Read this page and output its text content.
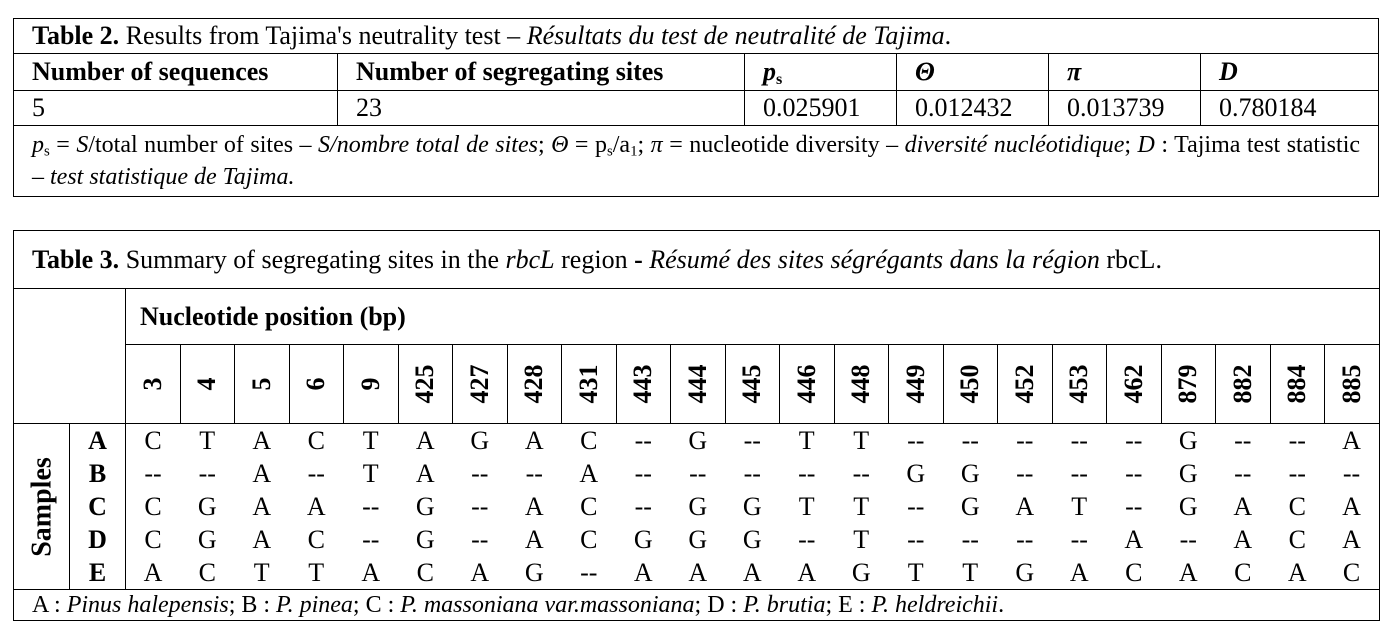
Table 2. Results from Tajima's neutrality test – Résultats du test de neutralité de Tajima.					
Number of sequences	Number of segregating sites	$p_s$	Θ	π	D
5	23	0.025901	0.012432	0.013739	0.780184
$p_s$ = S/total number of sites – S/nombre total de sites; $\Theta = p_s/a_1$; π = nucleotide diversity – diversité nucléotidique; D : Tajima test statistic – test statistique de Tajima.					
Table 3. Summary of segregating sites in the rbcL region - Résumé des sites ségrégants dans la région rbcL.																								
		Nucleotide position (bp)																						

		3	4	5	6	9	425	427	428	431	443	444	445	446	448	449	450	452	453	462	879	882	884	885

Samples	A	C	T	A	C	T	A	G	A	C	--	G	--	T	T	--	--	--	--	--	G	--	--	A
	B	--	--	A	--	T	A	--	--	A	--	--	--	--	--	G	G	--	--	--	G	--	--	--
	C	C	G	A	A	--	G	--	A	C	--	G	G	T	T	--	G	A	T	--	G	A	C	A
	D	C	G	A	C	--	G	--	A	C	G	G	G	--	T	--	--	--	--	A	--	A	C	A
	E	A	C	T	T	A	C	A	G	--	A	A	A	A	G	T	T	G	A	C	A	C	A	C
A : Pinus halepensis; B : P. pinea; C : P. massoniana var.massoniana; D : P. brutia; E : P. heldreichii.																								
